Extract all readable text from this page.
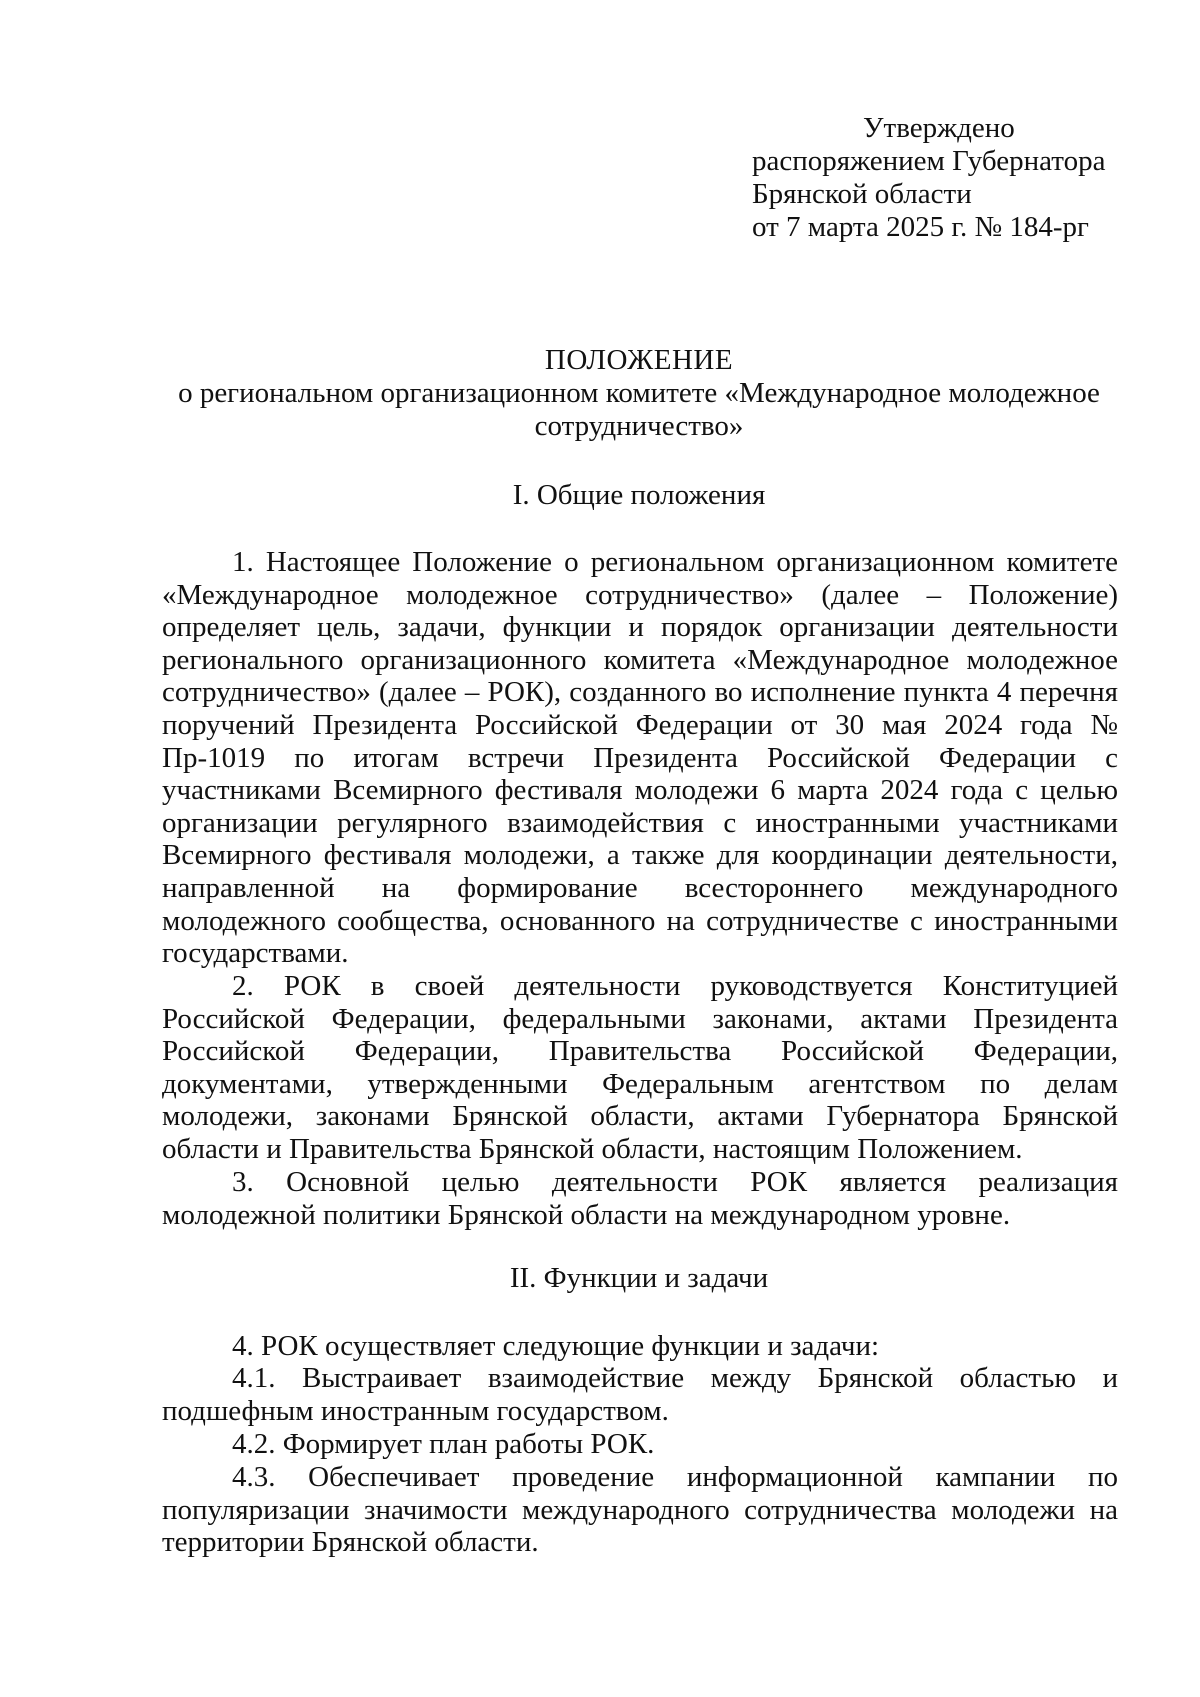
Утверждено
распоряжением Губернатора
Брянской области
от 7 марта 2025 г. № 184-рг
ПОЛОЖЕНИЕ
о региональном организационном комитете «Международное молодежное
сотрудничество»
I. Общие положения
1. Настоящее Положение о региональном организационном комитете «Международное молодежное сотрудничество» (далее – Положение) определяет цель, задачи, функции и порядок организации деятельности регионального организационного комитета «Международное молодежное сотрудничество» (далее – РОК), созданного во исполнение пункта 4 перечня поручений Президента Российской Федерации от 30 мая 2024 года № Пр-1019 по итогам встречи Президента Российской Федерации с участниками Всемирного фестиваля молодежи 6 марта 2024 года с целью организации регулярного взаимодействия с иностранными участниками Всемирного фестиваля молодежи, а также для координации деятельности, направленной на формирование всестороннего международного молодежного сообщества, основанного на сотрудничестве с иностранными государствами.
2. РОК в своей деятельности руководствуется Конституцией Российской Федерации, федеральными законами, актами Президента Российской Федерации, Правительства Российской Федерации, документами, утвержденными Федеральным агентством по делам молодежи, законами Брянской области, актами Губернатора Брянской области и Правительства Брянской области, настоящим Положением.
3. Основной целью деятельности РОК является реализация молодежной политики Брянской области на международном уровне.
II. Функции и задачи
4. РОК осуществляет следующие функции и задачи:
4.1. Выстраивает взаимодействие между Брянской областью и подшефным иностранным государством.
4.2. Формирует план работы РОК.
4.3. Обеспечивает проведение информационной кампании по популяризации значимости международного сотрудничества молодежи на территории Брянской области.
